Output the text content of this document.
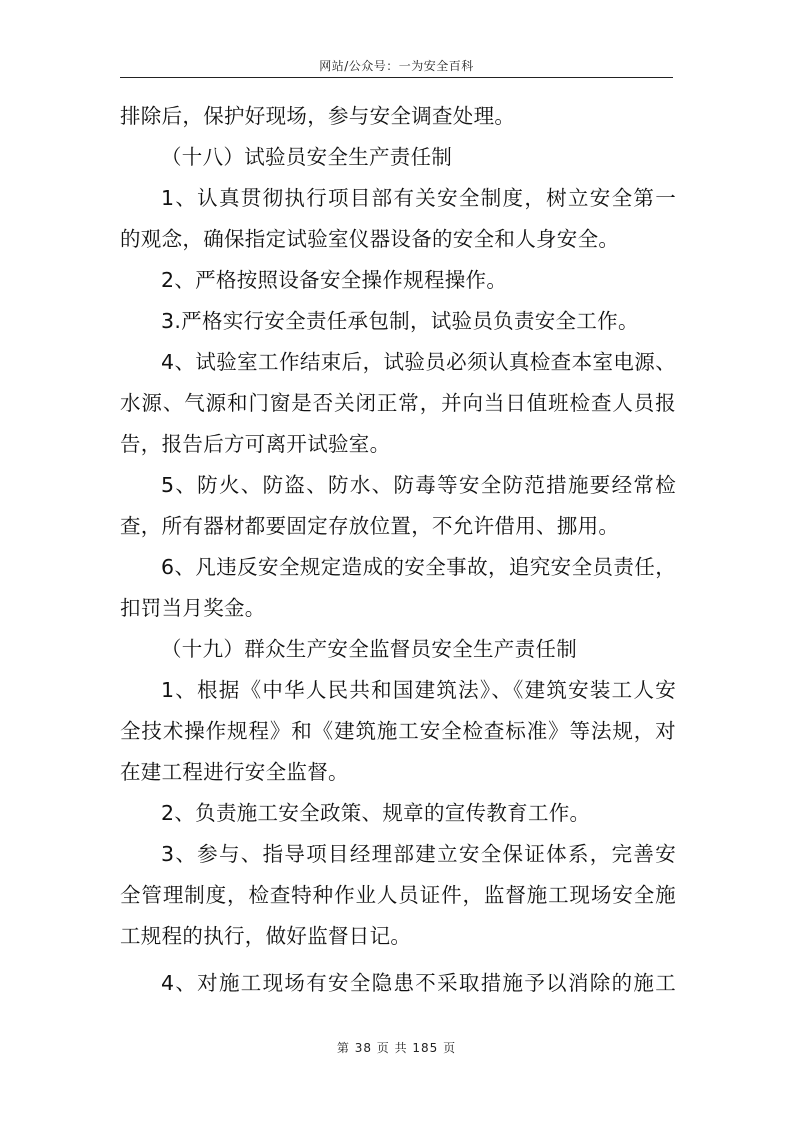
网站/公众号：一为安全百科
排除后，保护好现场，参与安全调查处理。
（十八）试验员安全生产责任制
1、认真贯彻执行项目部有关安全制度，树立安全第一
的观念，确保指定试验室仪器设备的安全和人身安全。
2、严格按照设备安全操作规程操作。
3.严格实行安全责任承包制，试验员负责安全工作。
4、试验室工作结束后，试验员必须认真检查本室电源、
水源、气源和门窗是否关闭正常，并向当日值班检查人员报
告，报告后方可离开试验室。
5、防火、防盗、防水、防毒等安全防范措施要经常检
查，所有器材都要固定存放位置，不允许借用、挪用。
6、凡违反安全规定造成的安全事故，追究安全员责任，
扣罚当月奖金。
（十九）群众生产安全监督员安全生产责任制
1、根据《中华人民共和国建筑法》、《建筑安装工人安
全技术操作规程》和《建筑施工安全检查标准》等法规，对
在建工程进行安全监督。
2、负责施工安全政策、规章的宣传教育工作。
3、参与、指导项目经理部建立安全保证体系，完善安
全管理制度，检查特种作业人员证件，监督施工现场安全施
工规程的执行，做好监督日记。
4、对施工现场有安全隐患不采取措施予以消除的施工
第 38 页 共 185 页
